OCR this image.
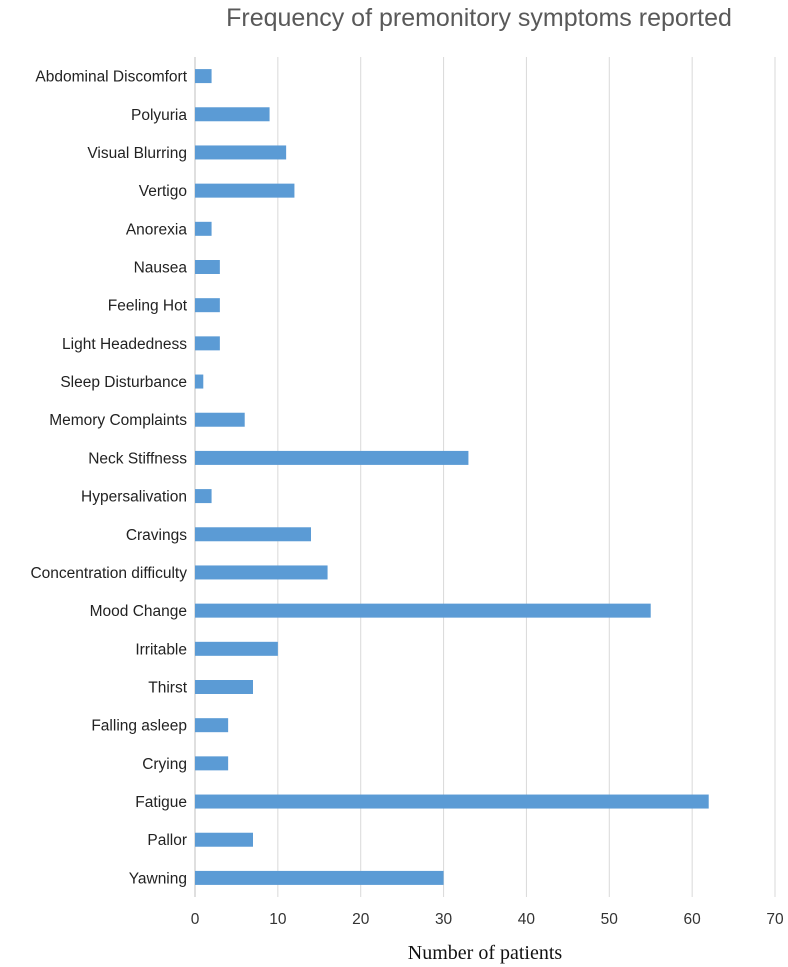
Frequency of premonitory symptoms reported
0	10	20	30	40	50	60	70
Abdominal Discomfort
Polyuria
Visual Blurring
Vertigo
Anorexia
Nausea
Feeling Hot
Light Headedness
Sleep Disturbance
Memory Complaints
Neck Stiffness
Hypersalivation
Cravings
Concentration difficulty
Mood Change
Irritable
Thirst
Falling asleep
Crying
Fatigue
Pallor
Yawning
Number of patients
